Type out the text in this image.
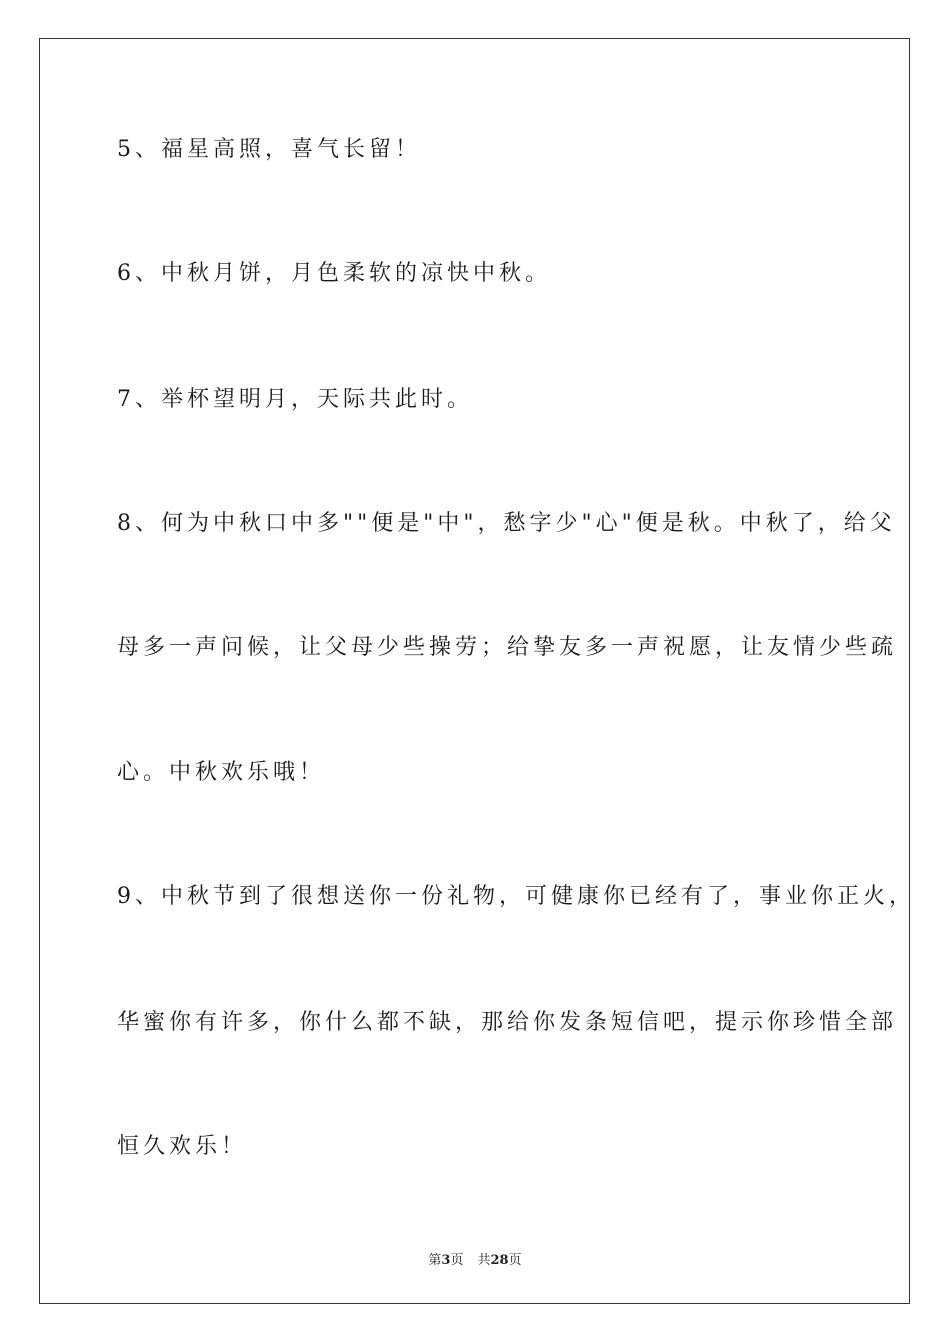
5、福星高照，喜气长留！
6、中秋月饼，月色柔软的凉快中秋。
7、举杯望明月，天际共此时。
8、何为中秋口中多""便是"中"，愁字少"心"便是秋。中秋了，给父
母多一声问候，让父母少些操劳；给挚友多一声祝愿，让友情少些疏
心。中秋欢乐哦！
9、中秋节到了很想送你一份礼物，可健康你已经有了，事业你正火，
华蜜你有许多，你什么都不缺，那给你发条短信吧，提示你珍惜全部
恒久欢乐！
第3页 共28页
